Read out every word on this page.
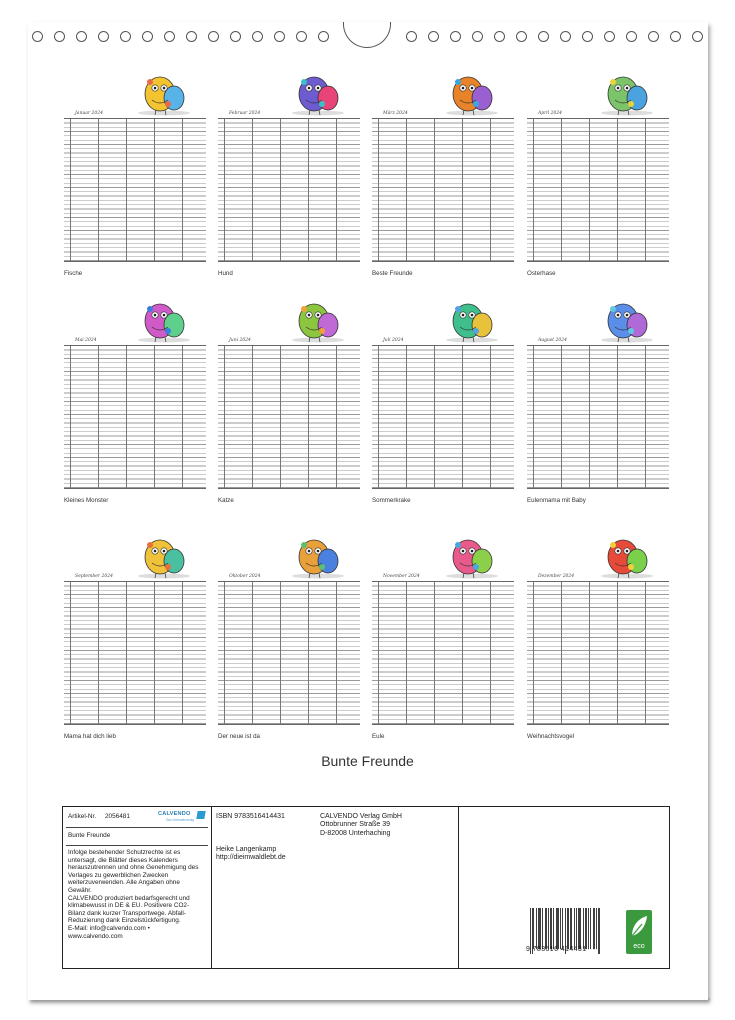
Januar 2024
Fische
Februar 2024
Hund
März 2024
Beste Freunde
April 2024
Osterhase
Mai 2024
Kleines Monster
Juni 2024
Katze
Juli 2024
Sommerkrake
August 2024
Eulenmama mit Baby
September 2024
Mama hat dich lieb
Oktober 2024
Der neue ist da
November 2024
Eule
Dezember 2024
Weihnachtsvogel
Bunte Freunde
Artikel-Nr. 2056481	CALVENDO
Das Kalenderverlag
Bunte Freunde
Infolge bestehender Schutzrechte ist es
untersagt, die Blätter dieses Kalenders
herauszutrennen und ohne Genehmigung des
Verlages zu gewerblichen Zwecken
weiterzuverwenden. Alle Angaben ohne
Gewähr.
CALVENDO produziert bedarfsgerecht und
klimabewusst in DE & EU. Positivere CO2-
Bilanz dank kurzer Transportwege. Abfall-
Reduzierung dank Einzelstückfertigung.
E-Mail: info@calvendo.com •
www.calvendo.com
ISBN 9783516414431	CALVENDO Verlag GmbH
Ottobrunner Straße 39
D-82008 Unterhaching
Heike Langenkamp
http://dieimwaldlebt.de
9 783516 414431	eco
